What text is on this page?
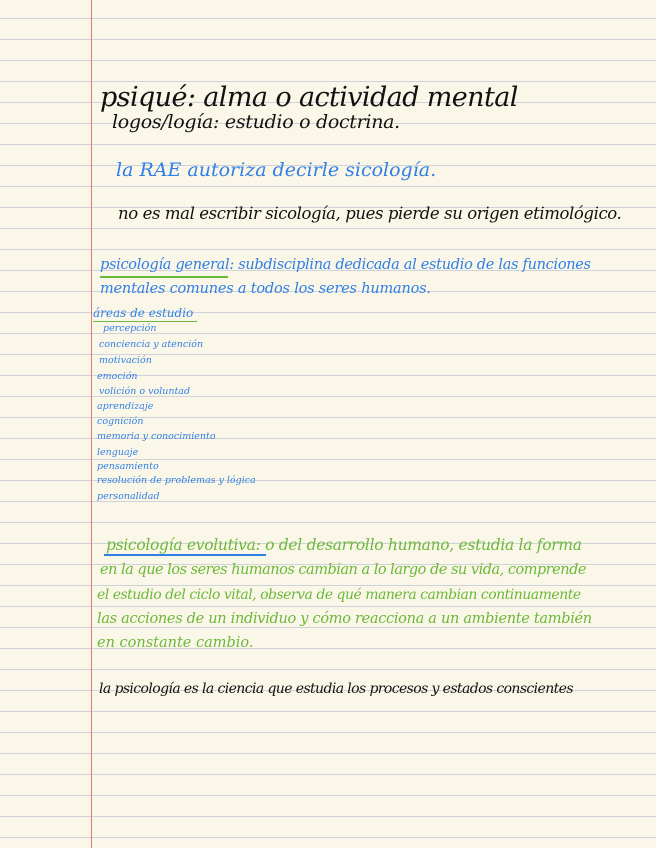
psiqué: alma o actividad mental
logos/logía: estudio o doctrina.
la RAE autoriza decirle sicología.
no es mal escribir sicología, pues pierde su origen etimológico.
psicología general: subdisciplina dedicada al estudio de las funciones
mentales comunes a todos los seres humanos.
áreas de estudio
percepción
conciencia y atención
motivación
emoción
volición o voluntad
aprendizaje
cognición
memoria y conocimiento
lenguaje
pensamiento
resolución de problemas y lógica
personalidad
psicología evolutiva: o del desarrollo humano, estudia la forma
en la que los seres humanos cambian a lo largo de su vida, comprende
el estudio del ciclo vital, observa de qué manera cambian continuamente
las acciones de un individuo y cómo reacciona a un ambiente también
en constante cambio.
la psicología es la ciencia que estudia los procesos y estados conscientes
